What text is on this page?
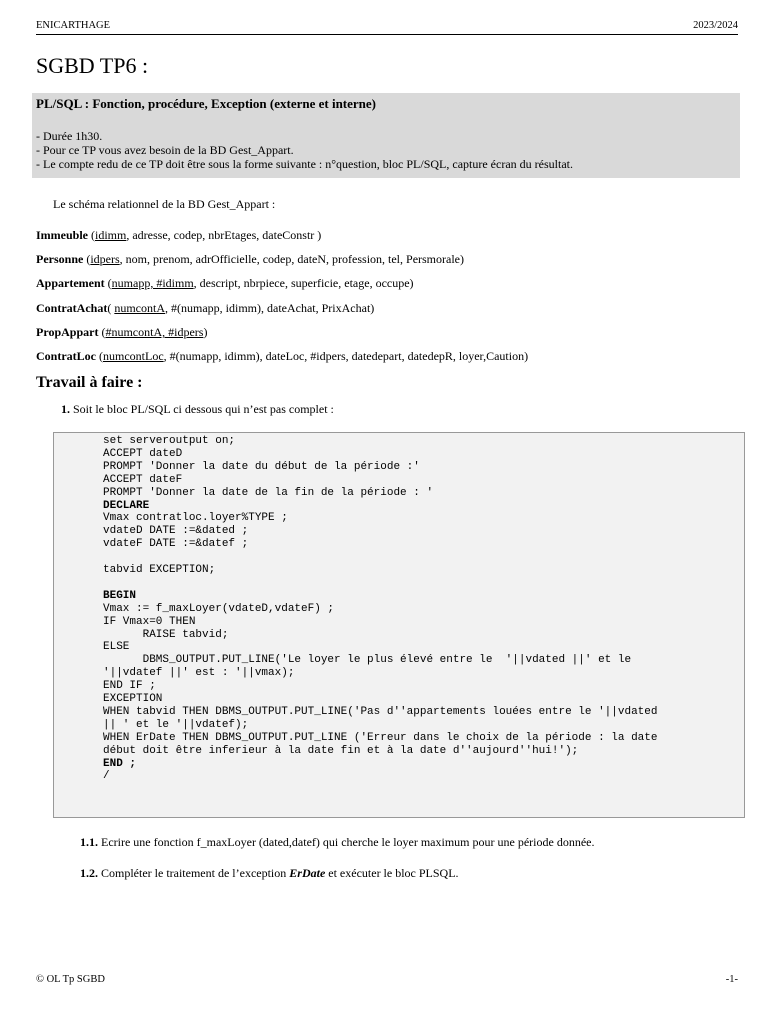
ENICARTHAGE	2023/2024
SGBD TP6 :
PL/SQL : Fonction, procédure, Exception (externe et interne)
- Durée 1h30.
- Pour ce TP vous avez besoin de la BD Gest_Appart.
- Le compte redu de ce TP doit être sous la forme suivante : n°question, bloc PL/SQL, capture écran du résultat.
Le schéma relationnel de la BD Gest_Appart :
Immeuble (idimm, adresse, codep, nbrEtages, dateConstr )
Personne (idpers, nom, prenom, adrOfficielle, codep, dateN, profession, tel, Persmorale)
Appartement (numapp, #idimm, descript, nbrpiece, superficie, etage, occupe)
ContratAchat( numcontA, #(numapp, idimm), dateAchat, PrixAchat)
PropAppart (#numcontA, #idpers)
ContratLoc (numcontLoc, #(numapp, idimm), dateLoc, #idpers, datedepart, datedepR, loyer,Caution)
Travail à faire :
1. Soit le bloc PL/SQL ci dessous qui n’est pas complet :
set serveroutput on;
ACCEPT dateD
PROMPT 'Donner la date du début de la période :'
ACCEPT dateF
PROMPT 'Donner la date de la fin de la période : '
DECLARE
Vmax contratloc.loyer%TYPE ;
vdateD DATE :=&dated ;
vdateF DATE :=&datef ;
tabvid EXCEPTION;
BEGIN
Vmax := f_maxLoyer(vdateD,vdateF) ;
IF Vmax=0 THEN
RAISE tabvid;
ELSE
DBMS_OUTPUT.PUT_LINE('Le loyer le plus élevé entre le  '||vdated ||' et le
'||vdatef ||' est : '||vmax);
END IF ;
EXCEPTION
WHEN tabvid THEN DBMS_OUTPUT.PUT_LINE('Pas d''appartements louées entre le '||vdated
|| ' et le '||vdatef);
WHEN ErDate THEN DBMS_OUTPUT.PUT_LINE ('Erreur dans le choix de la période : la date
début doit être inferieur à la date fin et à la date d''aujourd''hui!');
END ;
/
1.1. Ecrire une fonction f_maxLoyer (dated,datef) qui cherche le loyer maximum pour une période donnée.
1.2. Compléter le traitement de l’exception ErDate et exécuter le bloc PLSQL.
© OL Tp SGBD	-1-
